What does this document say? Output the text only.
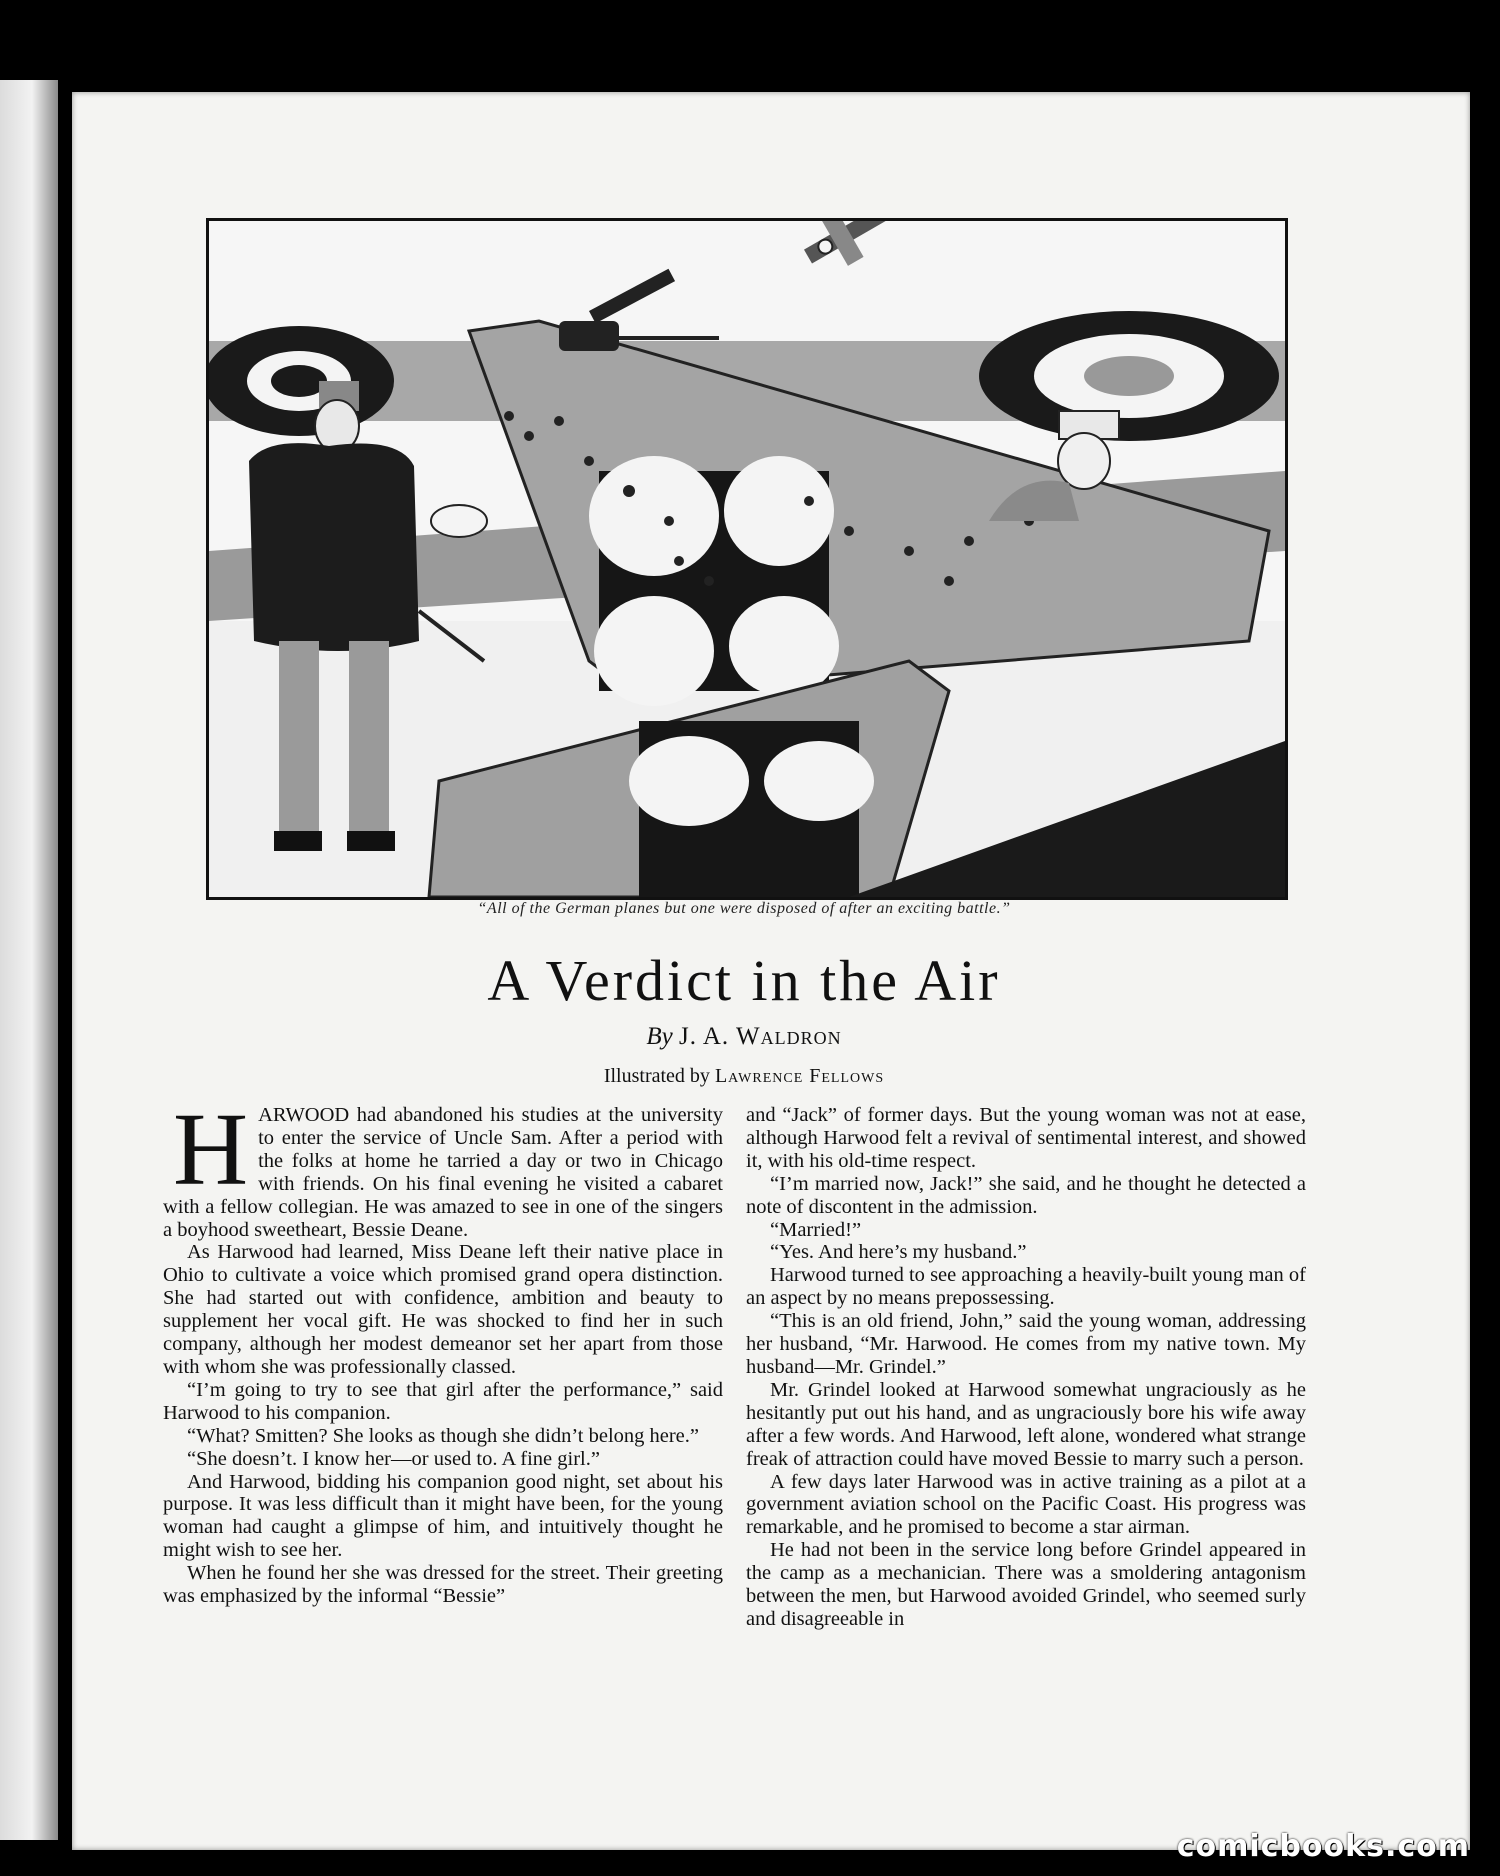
“All of the German planes but one were disposed of after an exciting battle.”
A Verdict in the Air
By J. A. Waldron
Illustrated by Lawrence Fellows

HARWOOD had abandoned his studies at the university to enter the service of Uncle Sam. After a period with the folks at home he tarried a day or two in Chicago with friends. On his final evening he visited a cabaret with a fellow collegian. He was amazed to see in one of the singers a boyhood sweetheart, Bessie Deane.

As Harwood had learned, Miss Deane left their native place in Ohio to cultivate a voice which promised grand opera distinction. She had started out with confidence, ambition and beauty to supplement her vocal gift. He was shocked to find her in such company, although her modest demeanor set her apart from those with whom she was professionally classed.

“I’m going to try to see that girl after the performance,” said Harwood to his companion.

“What? Smitten? She looks as though she didn’t belong here.”

“She doesn’t. I know her—or used to. A fine girl.”

And Harwood, bidding his companion good night, set about his purpose. It was less difficult than it might have been, for the young woman had caught a glimpse of him, and intuitively thought he might wish to see her.

When he found her she was dressed for the street. Their greeting was emphasized by the informal “Bessie”

and “Jack” of former days. But the young woman was not at ease, although Harwood felt a revival of sentimental interest, and showed it, with his old-time respect.

“I’m married now, Jack!” she said, and he thought he detected a note of discontent in the admission.

“Married!”

“Yes. And here’s my husband.”

Harwood turned to see approaching a heavily-built young man of an aspect by no means prepossessing.

“This is an old friend, John,” said the young woman, addressing her husband, “Mr. Harwood. He comes from my native town. My husband—Mr. Grindel.”

Mr. Grindel looked at Harwood somewhat ungraciously as he hesitantly put out his hand, and as ungraciously bore his wife away after a few words. And Harwood, left alone, wondered what strange freak of attraction could have moved Bessie to marry such a person.

A few days later Harwood was in active training as a pilot at a government aviation school on the Pacific Coast. His progress was remarkable, and he promised to become a star airman.

He had not been in the service long before Grindel appeared in the camp as a mechanician. There was a smoldering antagonism between the men, but Harwood avoided Grindel, who seemed surly and disagreeable in

comicbooks.com
